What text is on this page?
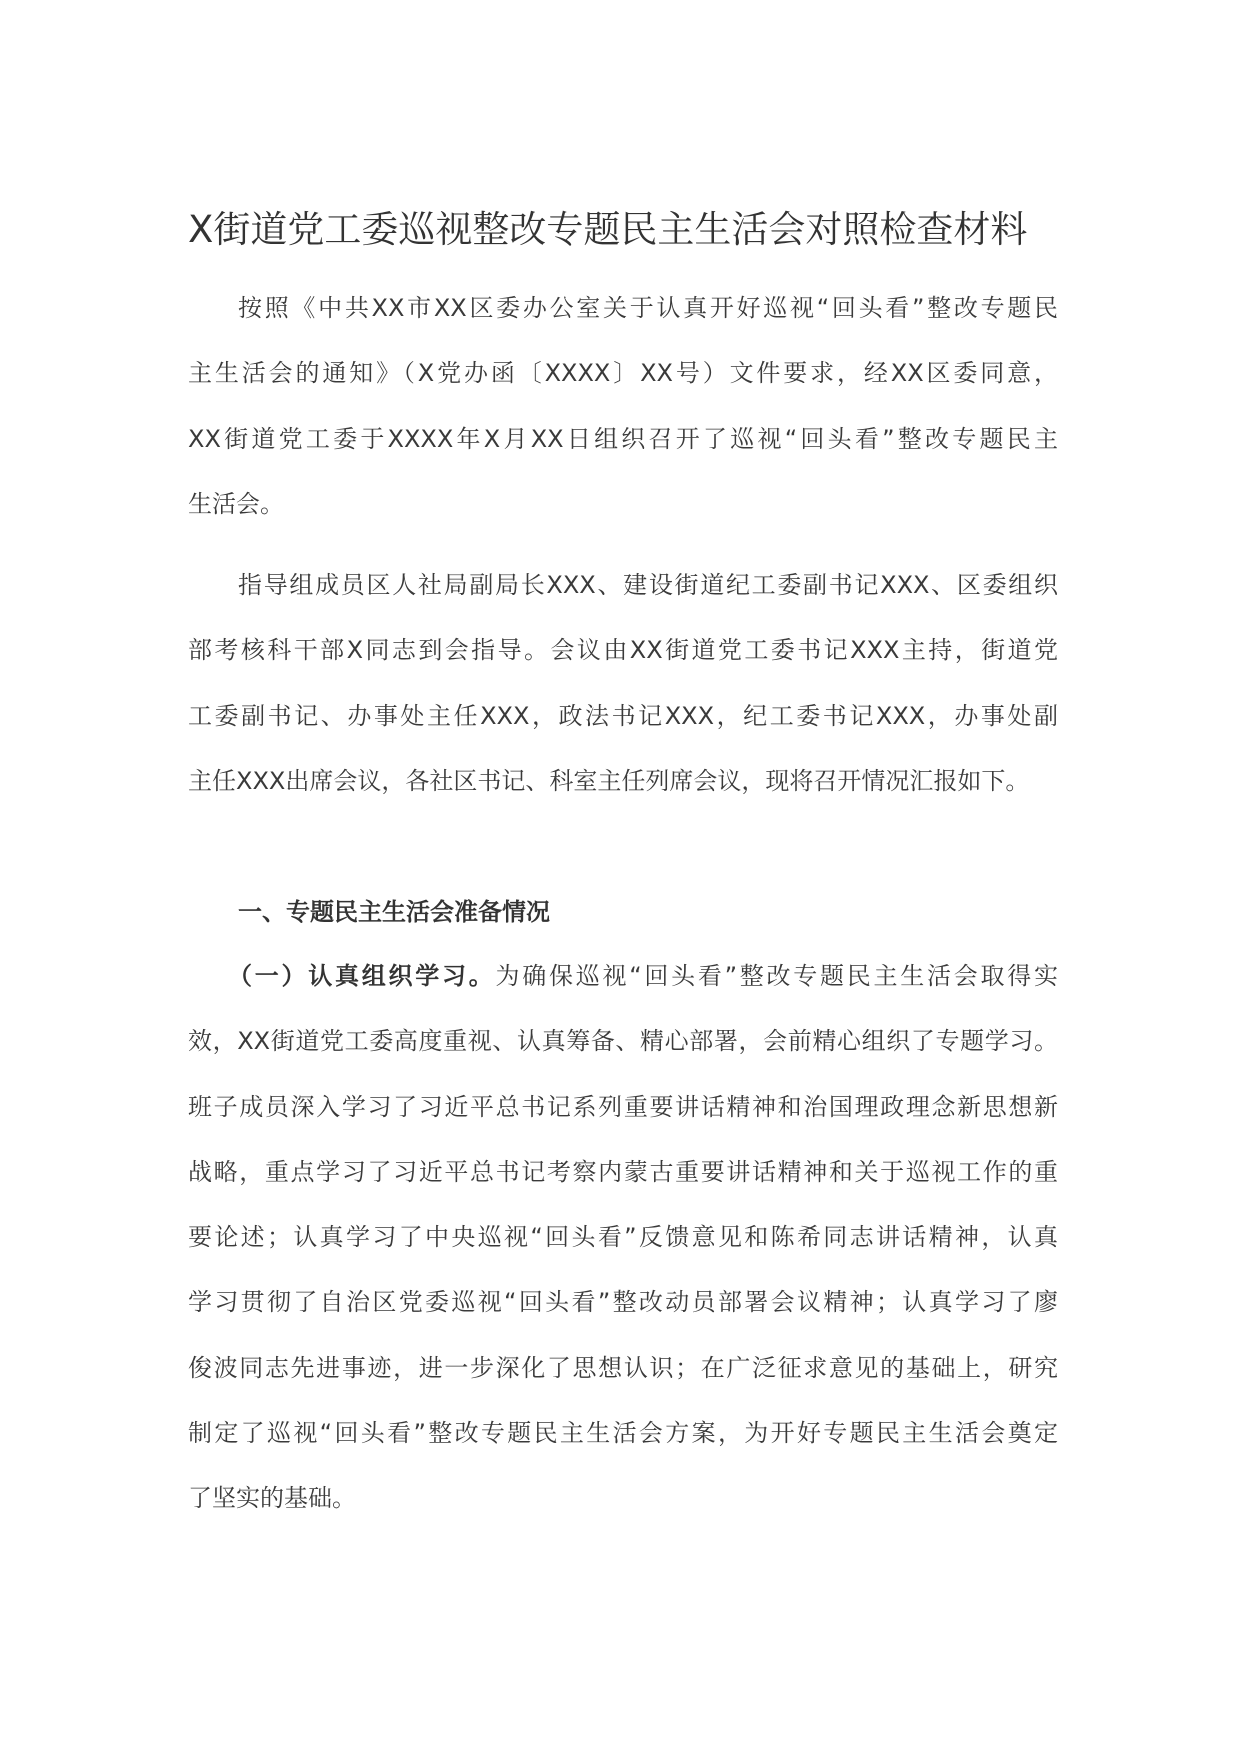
X街道党工委巡视整改专题民主生活会对照检查材料
按照《中共XX市XX区委办公室关于认真开好巡视“回头看”整改专题民
主生活会的通知》（X党办函〔XXXX〕XX号）文件要求，经XX区委同意，
XX街道党工委于XXXX年X月XX日组织召开了巡视“回头看”整改专题民主
生活会。
指导组成员区人社局副局长XXX、建设街道纪工委副书记XXX、区委组织
部考核科干部X同志到会指导。会议由XX街道党工委书记XXX主持，街道党
工委副书记、办事处主任XXX，政法书记XXX，纪工委书记XXX，办事处副
主任XXX出席会议，各社区书记、科室主任列席会议，现将召开情况汇报如下。
一、专题民主生活会准备情况
（一）认真组织学习。为确保巡视“回头看”整改专题民主生活会取得实
效，XX街道党工委高度重视、认真筹备、精心部署，会前精心组织了专题学习。
班子成员深入学习了习近平总书记系列重要讲话精神和治国理政理念新思想新
战略，重点学习了习近平总书记考察内蒙古重要讲话精神和关于巡视工作的重
要论述；认真学习了中央巡视“回头看”反馈意见和陈希同志讲话精神，认真
学习贯彻了自治区党委巡视“回头看”整改动员部署会议精神；认真学习了廖
俊波同志先进事迹，进一步深化了思想认识；在广泛征求意见的基础上，研究
制定了巡视“回头看”整改专题民主生活会方案，为开好专题民主生活会奠定
了坚实的基础。
